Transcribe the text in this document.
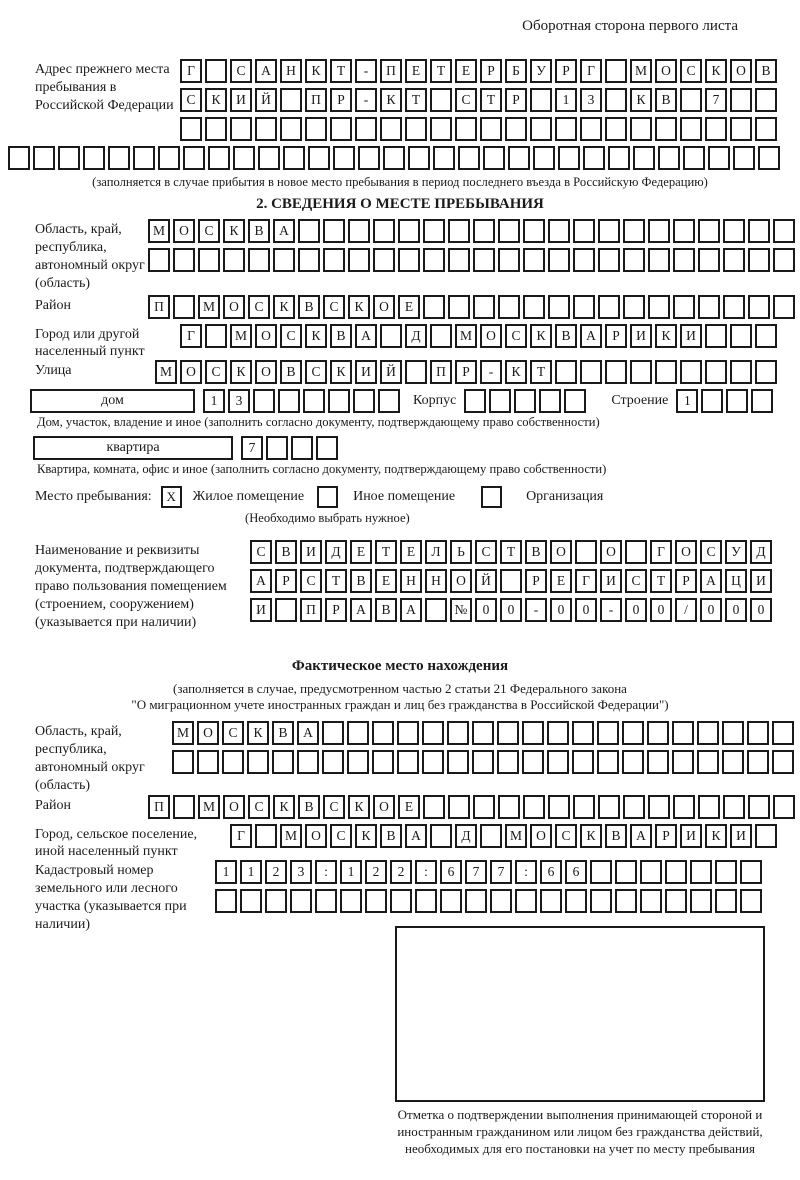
Оборотная сторона первого листа
Адрес прежнего места пребывания в Российской Федерации
Г	С А Н К Т - П Е Т Е Р Б У Р Г	М О С К О В
С К И Й	П Р - К Т	С Т Р	1 3	К В	7

(заполняется в случае прибытия в новое место пребывания в период последнего въезда в Российскую Федерацию)
2. СВЕДЕНИЯ О МЕСТЕ ПРЕБЫВАНИЯ
Область, край, республика, автономный округ (область)
М О С К В А

Район	П	М О С К В С К О Е
Город или другой населенный пункт
Г	М О С К В А	Д	М О С К В А Р И К И
Улица	М О С К О В С К И Й	П Р - К Т
дом	1 3	Корпус	Строение 1
Дом, участок, владение и иное (заполнить согласно документу, подтверждающему право собственности)
квартира	7
Квартира, комната, офис и иное (заполнить согласно документу, подтверждающему право собственности)
Место пребывания:	X	Жилое помещение	Иное помещение	Организация
(Необходимо выбрать нужное)
Наименование и реквизиты документа, подтверждающего право пользования помещением (строением, сооружением) (указывается при наличии)
С В И Д Е Т Е Л Ь С Т В О	О	Г О С У Д
А Р С Т В Е Н Н О Й	Р Е Г И С Т Р А Ц И
И	П Р А В А	№ 0 0 - 0 0 - 0 0 / 0 0 0
Фактическое место нахождения
(заполняется в случае, предусмотренном частью 2 статьи 21 Федерального закона
"О миграционном учете иностранных граждан и лиц без гражданства в Российской Федерации")
Область, край, республика, автономный округ (область)
М О С К В А

Район	П	М О С К В С К О Е
Город, сельское поселение, иной населенный пункт
Г	М О С К В А	Д	М О С К В А Р И К И
Кадастровый номер земельного или лесного участка (указывается при наличии)
1 1 2 3 : 1 2 2 : 6 7 7 : 6 6

Отметка о подтверждении выполнения принимающей стороной и иностранным гражданином или лицом без гражданства действий, необходимых для его постановки на учет по месту пребывания
